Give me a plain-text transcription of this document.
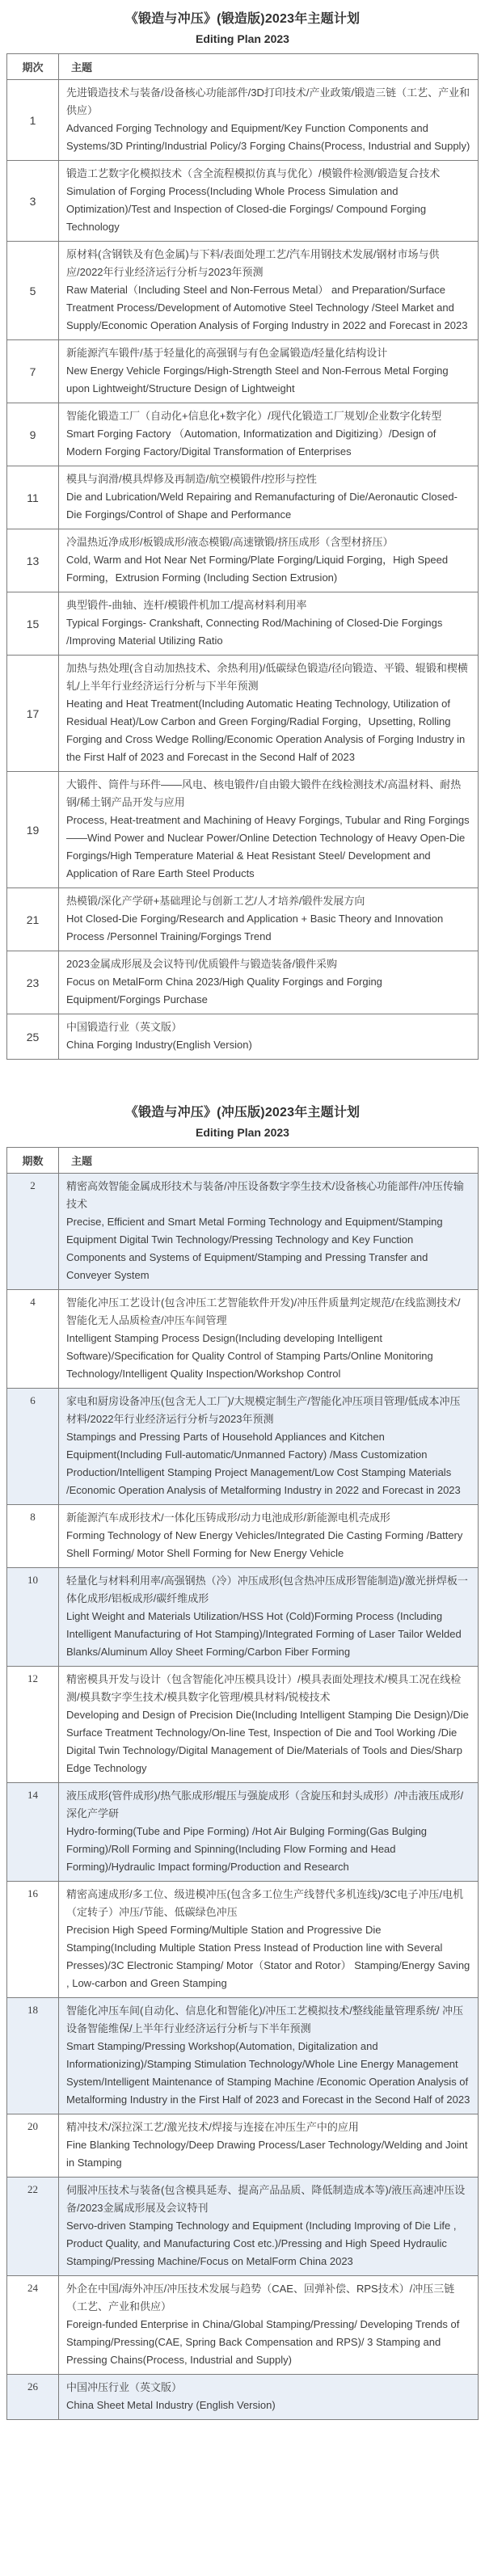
《锻造与冲压》(锻造版)2023年主题计划
Editing Plan 2023
期次	主题
1	先进锻造技术与装备/设备核心功能部件/3D打印技术/产业政策/锻造三链（工艺、产业和供应）
Advanced Forging Technology and Equipment/Key Function Components and Systems/3D Printing/Industrial Policy/3 Forging Chains(Process, Industrial and Supply)

3	锻造工艺数字化模拟技术（含全流程模拟仿真与优化）/模锻件检测/锻造复合技术
Simulation of Forging Process(Including Whole Process Simulation and Optimization)/Test and Inspection of Closed-die Forgings/ Compound Forging Technology

5	原材料(含钢铁及有色金属)与下料/表面处理工艺/汽车用钢技术发展/钢材市场与供应/2022年行业经济运行分析与2023年预测
Raw Material（Including Steel and Non-Ferrous Metal） and Preparation/Surface Treatment Process/Development of Automotive Steel Technology /Steel Market and Supply/Economic Operation Analysis of Forging Industry in 2022 and Forecast in 2023

7	新能源汽车锻件/基于轻量化的高强钢与有色金属锻造/轻量化结构设计
New Energy Vehicle Forgings/High-Strength Steel and Non-Ferrous Metal Forging upon Lightweight/Structure Design of Lightweight

9	智能化锻造工厂（自动化+信息化+数字化）/现代化锻造工厂规划/企业数字化转型
Smart Forging Factory （Automation, Informatization and Digitizing）/Design of Modern Forging Factory/Digital Transformation of Enterprises

11	模具与润滑/模具焊修及再制造/航空模锻件/控形与控性
Die and Lubrication/Weld Repairing and Remanufacturing of Die/Aeronautic Closed-Die Forgings/Control of Shape and Performance

13	冷温热近净成形/板锻成形/液态模锻/高速镦锻/挤压成形（含型材挤压）
Cold, Warm and Hot Near Net Forming/Plate Forging/Liquid Forging，High Speed Forming，Extrusion Forming (Including Section Extrusion)

15	典型锻件-曲轴、连杆/模锻件机加工/提高材料利用率
Typical Forgings- Crankshaft, Connecting Rod/Machining of Closed-Die Forgings /Improving Material Utilizing Ratio

17	加热与热处理(含自动加热技术、余热利用)/低碳绿色锻造/径向锻造、平锻、辊锻和楔横轧/上半年行业经济运行分析与下半年预测
Heating and Heat Treatment(Including Automatic Heating Technology, Utilization of Residual Heat)/Low Carbon and Green Forging/Radial Forging，Upsetting, Rolling Forging and Cross Wedge Rolling/Economic Operation Analysis of Forging Industry in the First Half of 2023 and Forecast in the Second Half of 2023

19	大锻件、筒件与环件——风电、核电锻件/自由锻大锻件在线检测技术/高温材料、耐热钢/稀土钢产品开发与应用
Process, Heat-treatment and Machining of Heavy Forgings, Tubular and Ring Forgings——Wind Power and Nuclear Power/Online Detection Technology of Heavy Open-Die Forgings/High Temperature Material & Heat Resistant Steel/ Development and Application of Rare Earth Steel Products

21	热模锻/深化产学研+基础理论与创新工艺/人才培养/锻件发展方向
Hot Closed-Die Forging/Research and Application + Basic Theory and Innovation Process /Personnel Training/Forgings Trend

23	2023金属成形展及会议特刊/优质锻件与锻造装备/锻件采购
Focus on MetalForm China 2023/High Quality Forgings and Forging Equipment/Forgings Purchase

25	中国锻造行业（英文版）
China Forging Industry(English Version)
《锻造与冲压》(冲压版)2023年主题计划
Editing Plan 2023
期数	主题
2	精密高效智能金属成形技术与装备/冲压设备数字孪生技术/设备核心功能部件/冲压传输技术
Precise, Efficient and Smart Metal Forming Technology and Equipment/Stamping Equipment Digital Twin Technology/Pressing Technology and Key Function Components and Systems of Equipment/Stamping and Pressing Transfer and Conveyer System

4	智能化冲压工艺设计(包含冲压工艺智能软件开发)/冲压件质量判定规范/在线监测技术/智能化无人品质检查/冲压车间管理
Intelligent Stamping Process Design(Including developing Intelligent Software)/Specification for Quality Control of Stamping Parts/Online Monitoring Technology/Intelligent Quality Inspection/Workshop Control

6	家电和厨房设备冲压(包含无人工厂)/大规模定制生产/智能化冲压项目管理/低成本冲压材料/2022年行业经济运行分析与2023年预测
Stampings and Pressing Parts of Household Appliances and Kitchen Equipment(Including Full-automatic/Unmanned Factory) /Mass Customization Production/Intelligent Stamping Project Management/Low Cost Stamping Materials /Economic Operation Analysis of Metalforming Industry in 2022 and Forecast in 2023

8	新能源汽车成形技术/一体化压铸成形/动力电池成形/新能源电机壳成形
Forming Technology of New Energy Vehicles/Integrated Die Casting Forming /Battery Shell Forming/ Motor Shell Forming for New Energy Vehicle

10	轻量化与材料利用率/高强钢热（冷）冲压成形(包含热冲压成形智能制造)/激光拼焊板一体化成形/铝板成形/碳纤维成形
Light Weight and Materials Utilization/HSS Hot (Cold)Forming Process (Including Intelligent Manufacturing of Hot Stamping)/Integrated Forming of Laser Tailor Welded Blanks/Aluminum Alloy Sheet Forming/Carbon Fiber Forming

12	精密模具开发与设计（包含智能化冲压模具设计）/模具表面处理技术/模具工况在线检测/模具数字孪生技术/模具数字化管理/模具材料/锐棱技术
Developing and Design of Precision Die(Including Intelligent Stamping Die Design)/Die Surface Treatment Technology/On-line Test, Inspection of Die and Tool Working /Die Digital Twin Technology/Digital Management of Die/Materials of Tools and Dies/Sharp Edge Technology

14	液压成形(管件成形)/热气胀成形/辊压与强旋成形（含旋压和封头成形）/冲击液压成形/深化产学研
Hydro-forming(Tube and Pipe Forming) /Hot Air Bulging Forming(Gas Bulging Forming)/Roll Forming and Spinning(Including Flow Forming and Head Forming)/Hydraulic Impact forming/Production and Research

16	精密高速成形/多工位、级进模冲压(包含多工位生产线替代多机连线)/3C电子冲压/电机（定转子）冲压/节能、低碳绿色冲压
Precision High Speed Forming/Multiple Station and Progressive Die Stamping(Including Multiple Station Press Instead of Production line with Several Presses)/3C Electronic Stamping/ Motor（Stator and Rotor） Stamping/Energy Saving , Low-carbon and Green Stamping

18	智能化冲压车间(自动化、信息化和智能化)/冲压工艺模拟技术/整线能量管理系统/ 冲压设备智能维保/上半年行业经济运行分析与下半年预测
Smart Stamping/Pressing Workshop(Automation, Digitalization and Informationizing)/Stamping Stimulation Technology/Whole Line Energy Management System/Intelligent Maintenance of Stamping Machine /Economic Operation Analysis of Metalforming Industry in the First Half of 2023 and Forecast in the Second Half of 2023

20	精冲技术/深拉深工艺/激光技术/焊接与连接在冲压生产中的应用
Fine Blanking Technology/Deep Drawing Process/Laser Technology/Welding and Joint in Stamping

22	伺服冲压技术与装备(包含模具延寿、提高产品品质、降低制造成本等)/液压高速冲压设备/2023金属成形展及会议特刊
Servo-driven Stamping Technology and Equipment (Including Improving of Die Life , Product Quality, and Manufacturing Cost etc.)/Pressing and High Speed Hydraulic Stamping/Pressing Machine/Focus on MetalForm China 2023

24	外企在中国/海外冲压/冲压技术发展与趋势（CAE、回弹补偿、RPS技术）/冲压三链（工艺、产业和供应）
Foreign-funded Enterprise in China/Global Stamping/Pressing/ Developing Trends of Stamping/Pressing(CAE, Spring Back Compensation and RPS)/ 3 Stamping and Pressing Chains(Process, Industrial and Supply)

26	中国冲压行业（英文版）
China Sheet Metal Industry (English Version)
